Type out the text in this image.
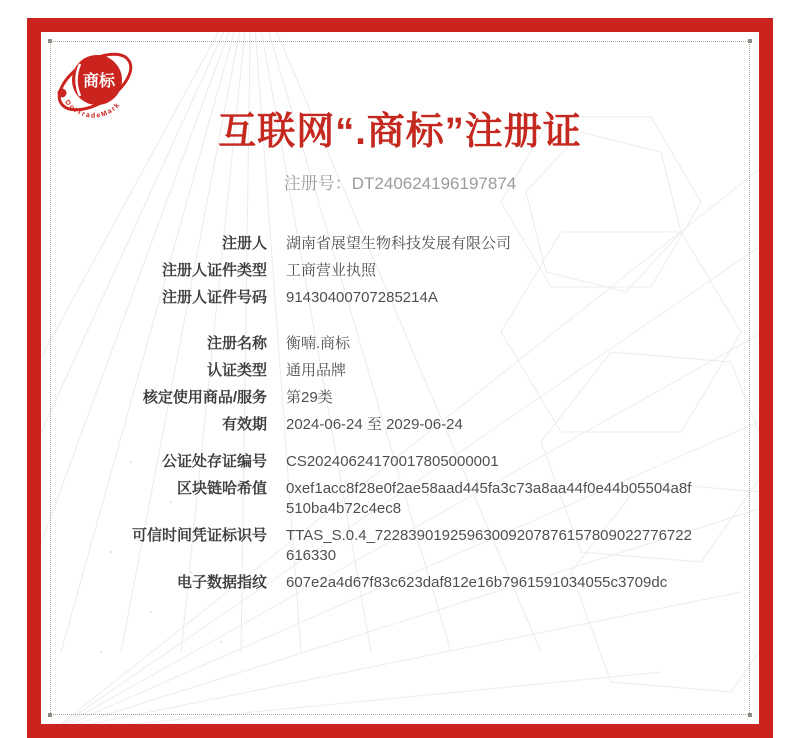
商标
DotTradeMark
互联网“.商标”注册证
注册号：DT240624196197874
注册人 湖南省展望生物科技发展有限公司
注册人证件类型 工商营业执照
注册人证件号码 91430400707285214A
注册名称 衡喃.商标
认证类型 通用品牌
核定使用商品/服务 第29类
有效期 2024-06-24 至 2029-06-24
公证处存证编号 CS20240624170017805000001
区块链哈希值 0xef1acc8f28e0f2ae58aad445fa3c73a8aa44f0e44b05504a8f510ba4b72c4ec8
可信时间凭证标识号 TTAS_S.0.4_72283901925963009207876157809022776722616330
电子数据指纹 607e2a4d67f83c623daf812e16b7961591034055c3709dc
